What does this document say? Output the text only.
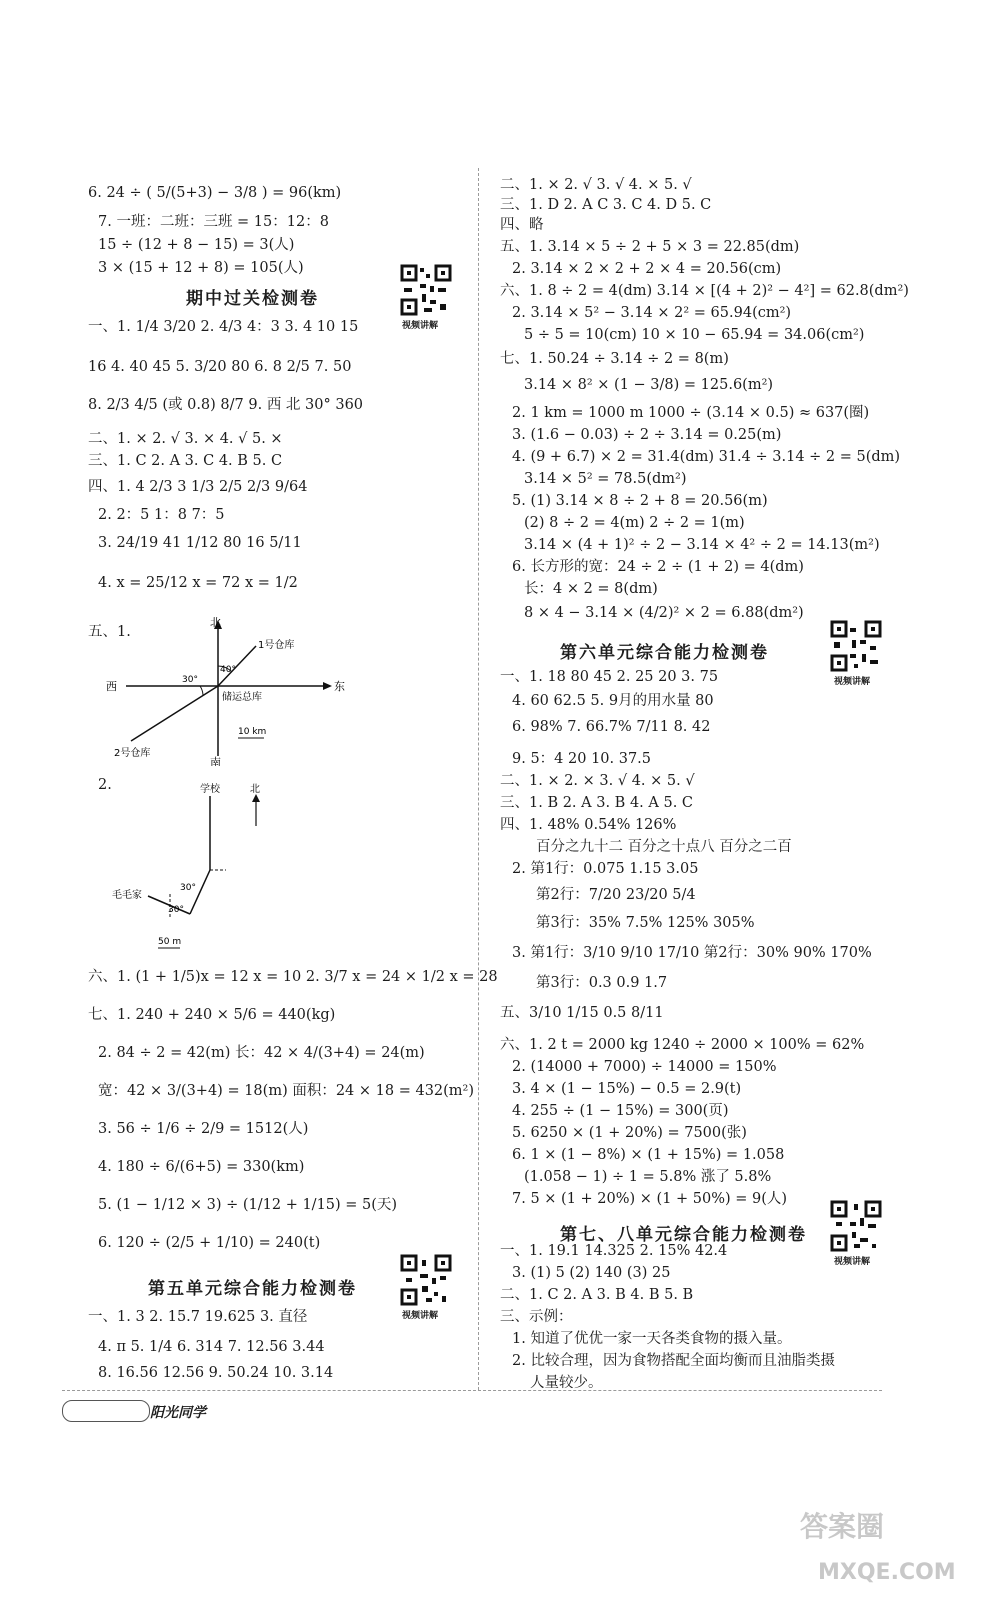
6. 24 ÷ ( 5/(5+3) − 3/8 ) = 96(km)
7. 一班：二班：三班 = 15：12：8
15 ÷ (12 + 8 − 15) = 3(人)
3 × (15 + 12 + 8) = 105(人)
期中过关检测卷
视频讲解
一、1. 1/4 3/20 2. 4/3 4：3 3. 4 10 15
16 4. 40 45 5. 3/20 80 6. 8 2/5 7. 50
8. 2/3 4/5 (或 0.8) 8/7 9. 西 北 30° 360
二、1. × 2. √ 3. × 4. √ 5. ×
三、1. C 2. A 3. C 4. B 5. C
四、1. 4 2/3 3 1/3 2/5 2/3 9/64
2. 2：5 1：8 7：5
3. 24/19 41 1/12 80 16 5/11
4. x = 25/12 x = 72 x = 1/2
五、1.
北
南
西	东
1号仓库
2号仓库
储运总库
40°
30°
10 km
2.	学校	北
毛毛家
30°
30°
50 m
六、1. (1 + 1/5)x = 12 x = 10 2. 3/7 x = 24 × 1/2 x = 28
七、1. 240 + 240 × 5/6 = 440(kg)
2. 84 ÷ 2 = 42(m) 长：42 × 4/(3+4) = 24(m)
宽：42 × 3/(3+4) = 18(m) 面积：24 × 18 = 432(m²)
3. 56 ÷ 1/6 ÷ 2/9 = 1512(人)
4. 180 ÷ 6/(6+5) = 330(km)
5. (1 − 1/12 × 3) ÷ (1/12 + 1/15) = 5(天)
6. 120 ÷ (2/5 + 1/10) = 240(t)
第五单元综合能力检测卷
视频讲解
一、1. 3 2. 15.7 19.625 3. 直径
4. π 5. 1/4 6. 314 7. 12.56 3.44
8. 16.56 12.56 9. 50.24 10. 3.14
二、1. × 2. √ 3. √ 4. × 5. √
三、1. D 2. A C 3. C 4. D 5. C
四、略
五、1. 3.14 × 5 ÷ 2 + 5 × 3 = 22.85(dm)
2. 3.14 × 2 × 2 + 2 × 4 = 20.56(cm)
六、1. 8 ÷ 2 = 4(dm) 3.14 × [(4 + 2)² − 4²] = 62.8(dm²)
2. 3.14 × 5² − 3.14 × 2² = 65.94(cm²)
5 ÷ 5 = 10(cm) 10 × 10 − 65.94 = 34.06(cm²)
七、1. 50.24 ÷ 3.14 ÷ 2 = 8(m)
3.14 × 8² × (1 − 3/8) = 125.6(m²)
2. 1 km = 1000 m 1000 ÷ (3.14 × 0.5) ≈ 637(圈)
3. (1.6 − 0.03) ÷ 2 ÷ 3.14 = 0.25(m)
4. (9 + 6.7) × 2 = 31.4(dm) 31.4 ÷ 3.14 ÷ 2 = 5(dm)
3.14 × 5² = 78.5(dm²)
5. (1) 3.14 × 8 ÷ 2 + 8 = 20.56(m)
(2) 8 ÷ 2 = 4(m) 2 ÷ 2 = 1(m)
3.14 × (4 + 1)² ÷ 2 − 3.14 × 4² ÷ 2 = 14.13(m²)
6. 长方形的宽：24 ÷ 2 ÷ (1 + 2) = 4(dm)
长：4 × 2 = 8(dm)
8 × 4 − 3.14 × (4/2)² × 2 = 6.88(dm²)
第六单元综合能力检测卷
视频讲解
一、1. 18 80 45 2. 25 20 3. 75
4. 60 62.5 5. 9月的用水量 80
6. 98% 7. 66.7% 7/11 8. 42
9. 5：4 20 10. 37.5
二、1. × 2. × 3. √ 4. × 5. √
三、1. B 2. A 3. B 4. A 5. C
四、1. 48% 0.54% 126%
百分之九十二 百分之十点八 百分之二百
2. 第1行：0.075 1.15 3.05
第2行：7/20 23/20 5/4
第3行：35% 7.5% 125% 305%
3. 第1行：3/10 9/10 17/10 第2行：30% 90% 170%
第3行：0.3 0.9 1.7
五、3/10 1/15 0.5 8/11
六、1. 2 t = 2000 kg 1240 ÷ 2000 × 100% = 62%
2. (14000 + 7000) ÷ 14000 = 150%
3. 4 × (1 − 15%) − 0.5 = 2.9(t)
4. 255 ÷ (1 − 15%) = 300(页)
5. 6250 × (1 + 20%) = 7500(张)
6. 1 × (1 − 8%) × (1 + 15%) = 1.058
(1.058 − 1) ÷ 1 = 5.8% 涨了 5.8%
7. 5 × (1 + 20%) × (1 + 50%) = 9(人)
第七、八单元综合能力检测卷
视频讲解
一、1. 19.1 14.325 2. 15% 42.4
3. (1) 5 (2) 140 (3) 25
二、1. C 2. A 3. B 4. B 5. B
三、示例：
1. 知道了优优一家一天各类食物的摄入量。
2. 比较合理，因为食物搭配全面均衡而且油脂类摄
人量较少。
阳光同学
答案圈
MXQE.COM
